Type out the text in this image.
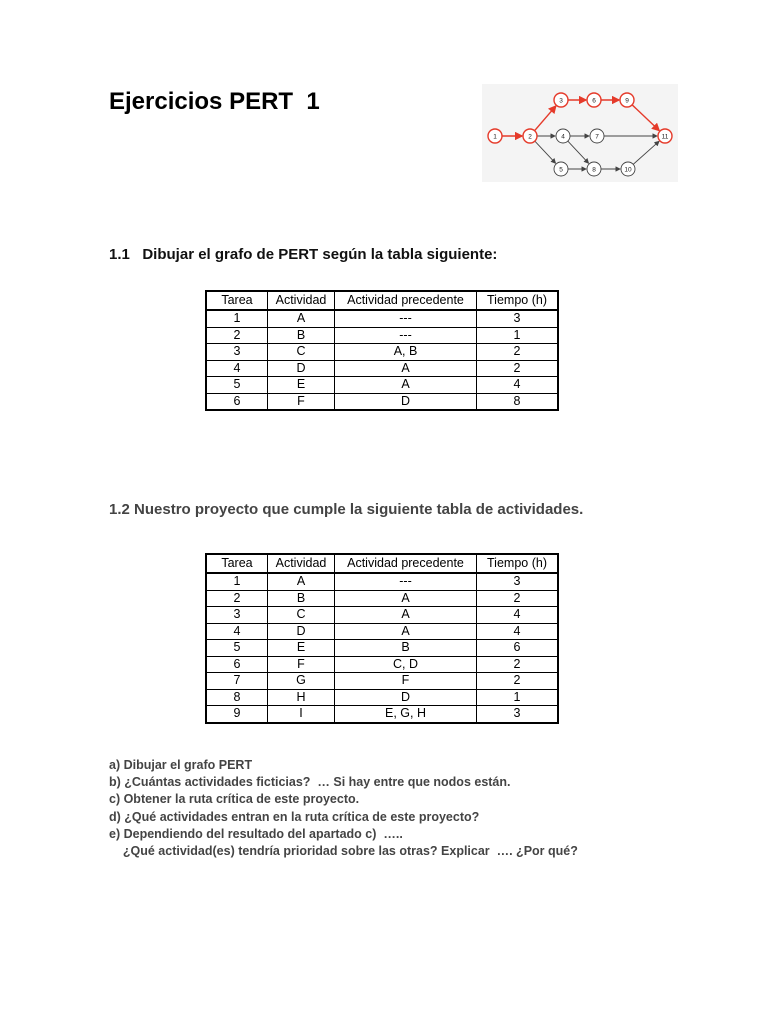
Ejercicios PERT  1
1	2
3	6	9
11
4	7
5	8	10
1.1   Dibujar el grafo de PERT según la tabla siguiente:
Tarea	Actividad	Actividad precedente	Tiempo (h)
1	A	---	3
2	B	---	1
3	C	A, B	2
4	D	A	2
5	E	A	4
6	F	D	8
1.2 Nuestro proyecto que cumple la siguiente tabla de actividades.
Tarea	Actividad	Actividad precedente	Tiempo (h)
1	A	---	3
2	B	A	2
3	C	A	4
4	D	A	4
5	E	B	6
6	F	C, D	2
7	G	F	2
8	H	D	1
9	I	E, G, H	3
a) Dibujar el grafo PERT
b) ¿Cuántas actividades ficticias?  … Si hay entre que nodos están.
c) Obtener la ruta crítica de este proyecto.
d) ¿Qué actividades entran en la ruta crítica de este proyecto?
e) Dependiendo del resultado del apartado c)  …..
¿Qué actividad(es) tendría prioridad sobre las otras? Explicar  …. ¿Por qué?
